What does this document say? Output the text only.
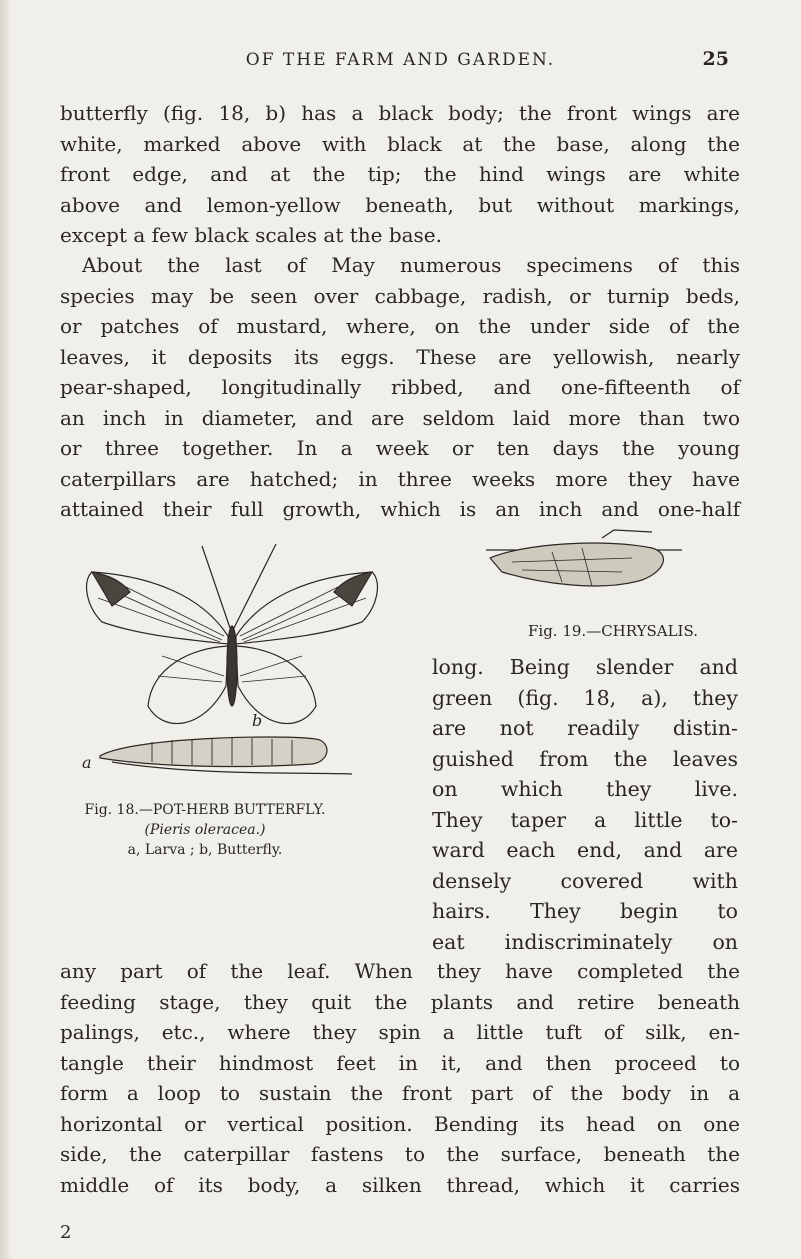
OF THE FARM AND GARDEN.	25

butterfly (fig. 18, b) has a black body; the front wings are
white, marked above with black at the base, along the
front edge, and at the tip; the hind wings are white
above and lemon-yellow beneath, but without markings,
except a few black scales at the base.

About the last of May numerous specimens of this
species may be seen over cabbage, radish, or turnip beds,
or patches of mustard, where, on the under side of the
leaves, it deposits its eggs. These are yellowish, nearly
pear-shaped, longitudinally ribbed, and one-fifteenth of
an inch in diameter, and are seldom laid more than two
or three together. In a week or ten days the young
caterpillars are hatched; in three weeks more they have
attained their full growth, which is an inch and one-half

b
a
Fig. 19.—CHRYSALIS.

long. Being slender and
green (fig. 18, a), they
are not readily distin-
guished from the leaves
on which they live.
They taper a little to-
ward each end, and are
densely covered with
hairs. They begin to
eat indiscriminately on

Fig. 18.—POT-HERB BUTTERFLY.
(Pieris oleracea.)
a, Larva ; b, Butterfly.

any part of the leaf. When they have completed the
feeding stage, they quit the plants and retire beneath
palings, etc., where they spin a little tuft of silk, en-
tangle their hindmost feet in it, and then proceed to
form a loop to sustain the front part of the body in a
horizontal or vertical position. Bending its head on one
side, the caterpillar fastens to the surface, beneath the
middle of its body, a silken thread, which it carries

2
